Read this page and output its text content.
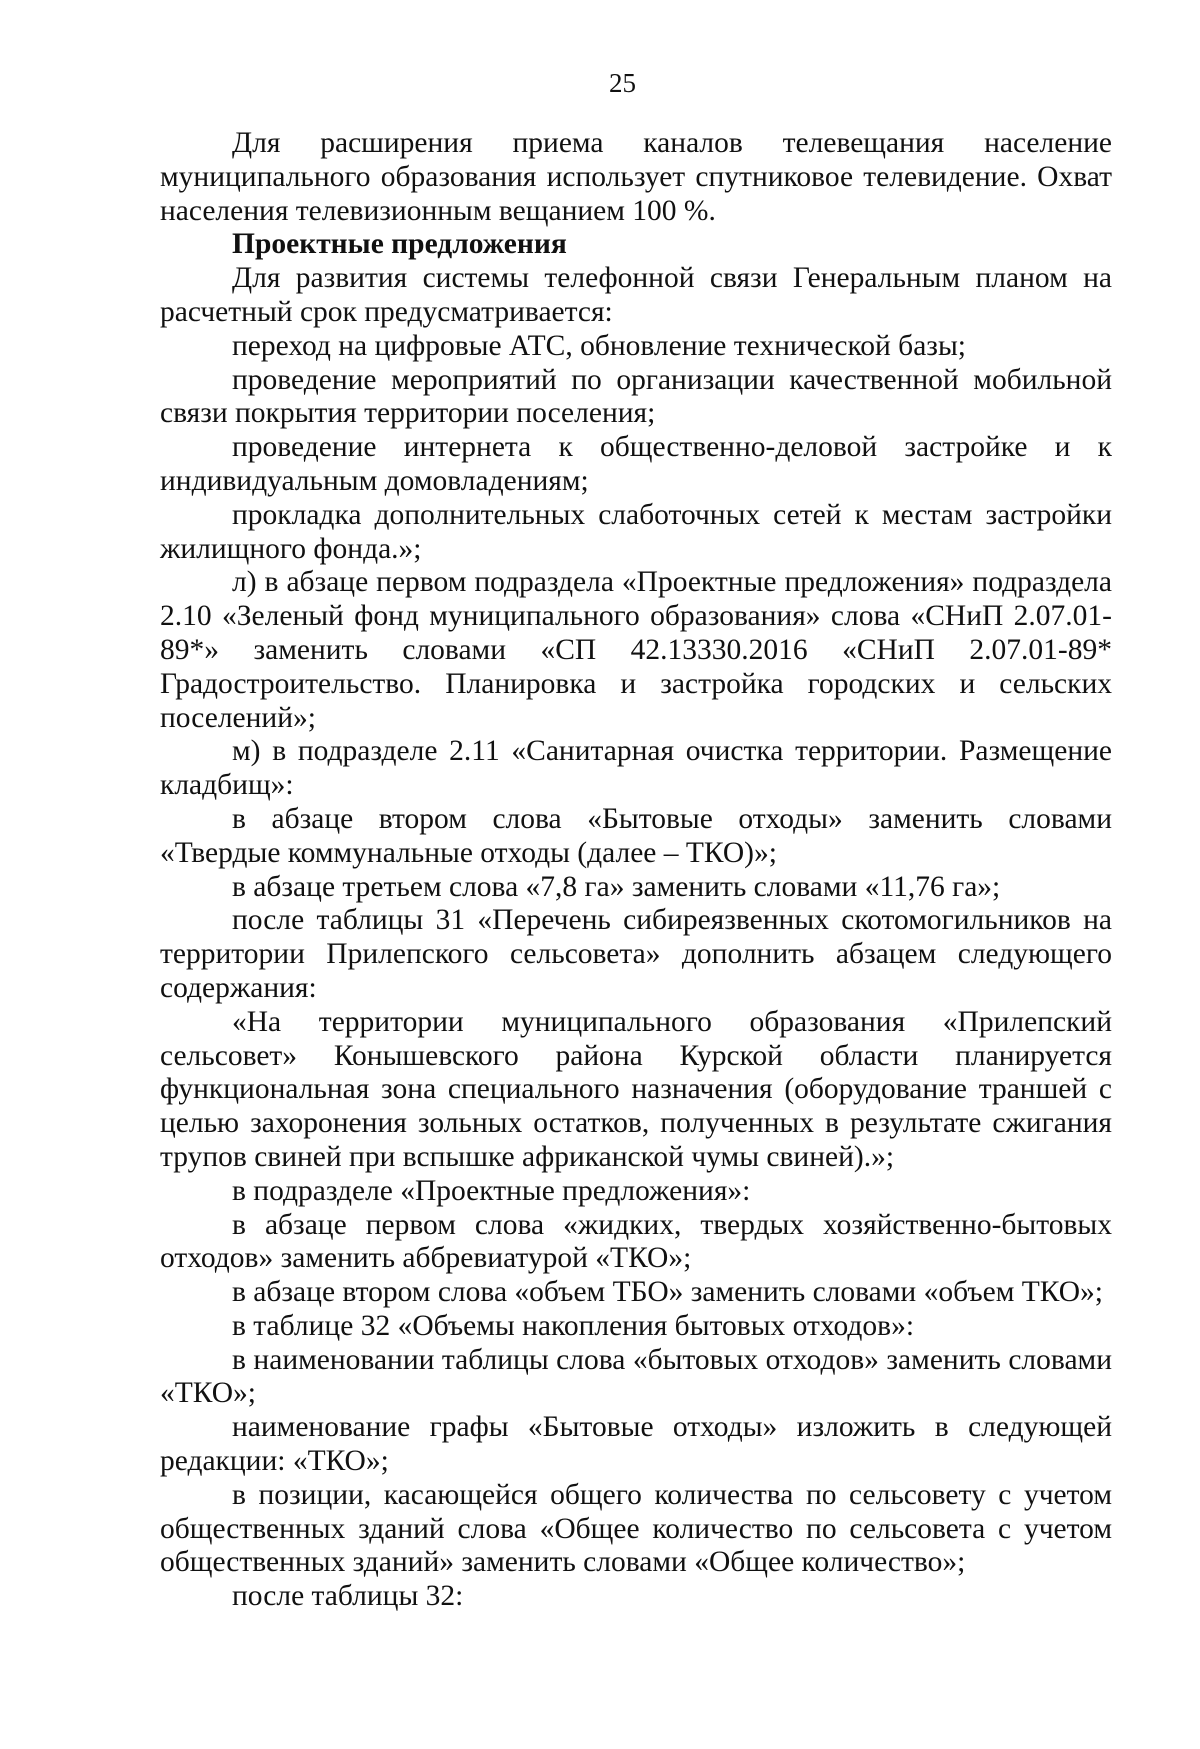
25

Для расширения приема каналов телевещания население муниципального образования использует спутниковое телевидение. Охват населения телевизионным вещанием 100 %.

Проектные предложения

Для развития системы телефонной связи Генеральным планом на расчетный срок предусматривается:

переход на цифровые АТС, обновление технической базы;

проведение мероприятий по организации качественной мобильной связи покрытия территории поселения;

проведение интернета к общественно-деловой застройке и к индивидуальным домовладениям;

прокладка дополнительных слаботочных сетей к местам застройки жилищного фонда.»;

л) в абзаце первом подраздела «Проектные предложения» подраздела 2.10 «Зеленый фонд муниципального образования» слова «СНиП 2.07.01-89*» заменить словами «СП 42.13330.2016 «СНиП 2.07.01-89* Градостроительство. Планировка и застройка городских и сельских поселений»;

м) в подразделе 2.11 «Санитарная очистка территории. Размещение кладбищ»:

в абзаце втором слова «Бытовые отходы» заменить словами «Твердые коммунальные отходы (далее – ТКО)»;

в абзаце третьем слова «7,8 га» заменить словами «11,76 га»;

после таблицы 31 «Перечень сибиреязвенных скотомогильников на территории Прилепского сельсовета» дополнить абзацем следующего содержания:

«На территории муниципального образования «Прилепский сельсовет» Конышевского района Курской области планируется функциональная зона специального назначения (оборудование траншей с целью захоронения зольных остатков, полученных в результате сжигания трупов свиней при вспышке африканской чумы свиней).»;

в подразделе «Проектные предложения»:

в абзаце первом слова «жидких, твердых хозяйственно-бытовых отходов» заменить аббревиатурой «ТКО»;

в абзаце втором слова «объем ТБО» заменить словами «объем ТКО»;

в таблице 32 «Объемы накопления бытовых отходов»:

в наименовании таблицы слова «бытовых отходов» заменить словами «ТКО»;

наименование графы «Бытовые отходы» изложить в следующей редакции: «ТКО»;

в позиции, касающейся общего количества по сельсовету с учетом общественных зданий слова «Общее количество по сельсовета с учетом общественных зданий» заменить словами «Общее количество»;

после таблицы 32:
